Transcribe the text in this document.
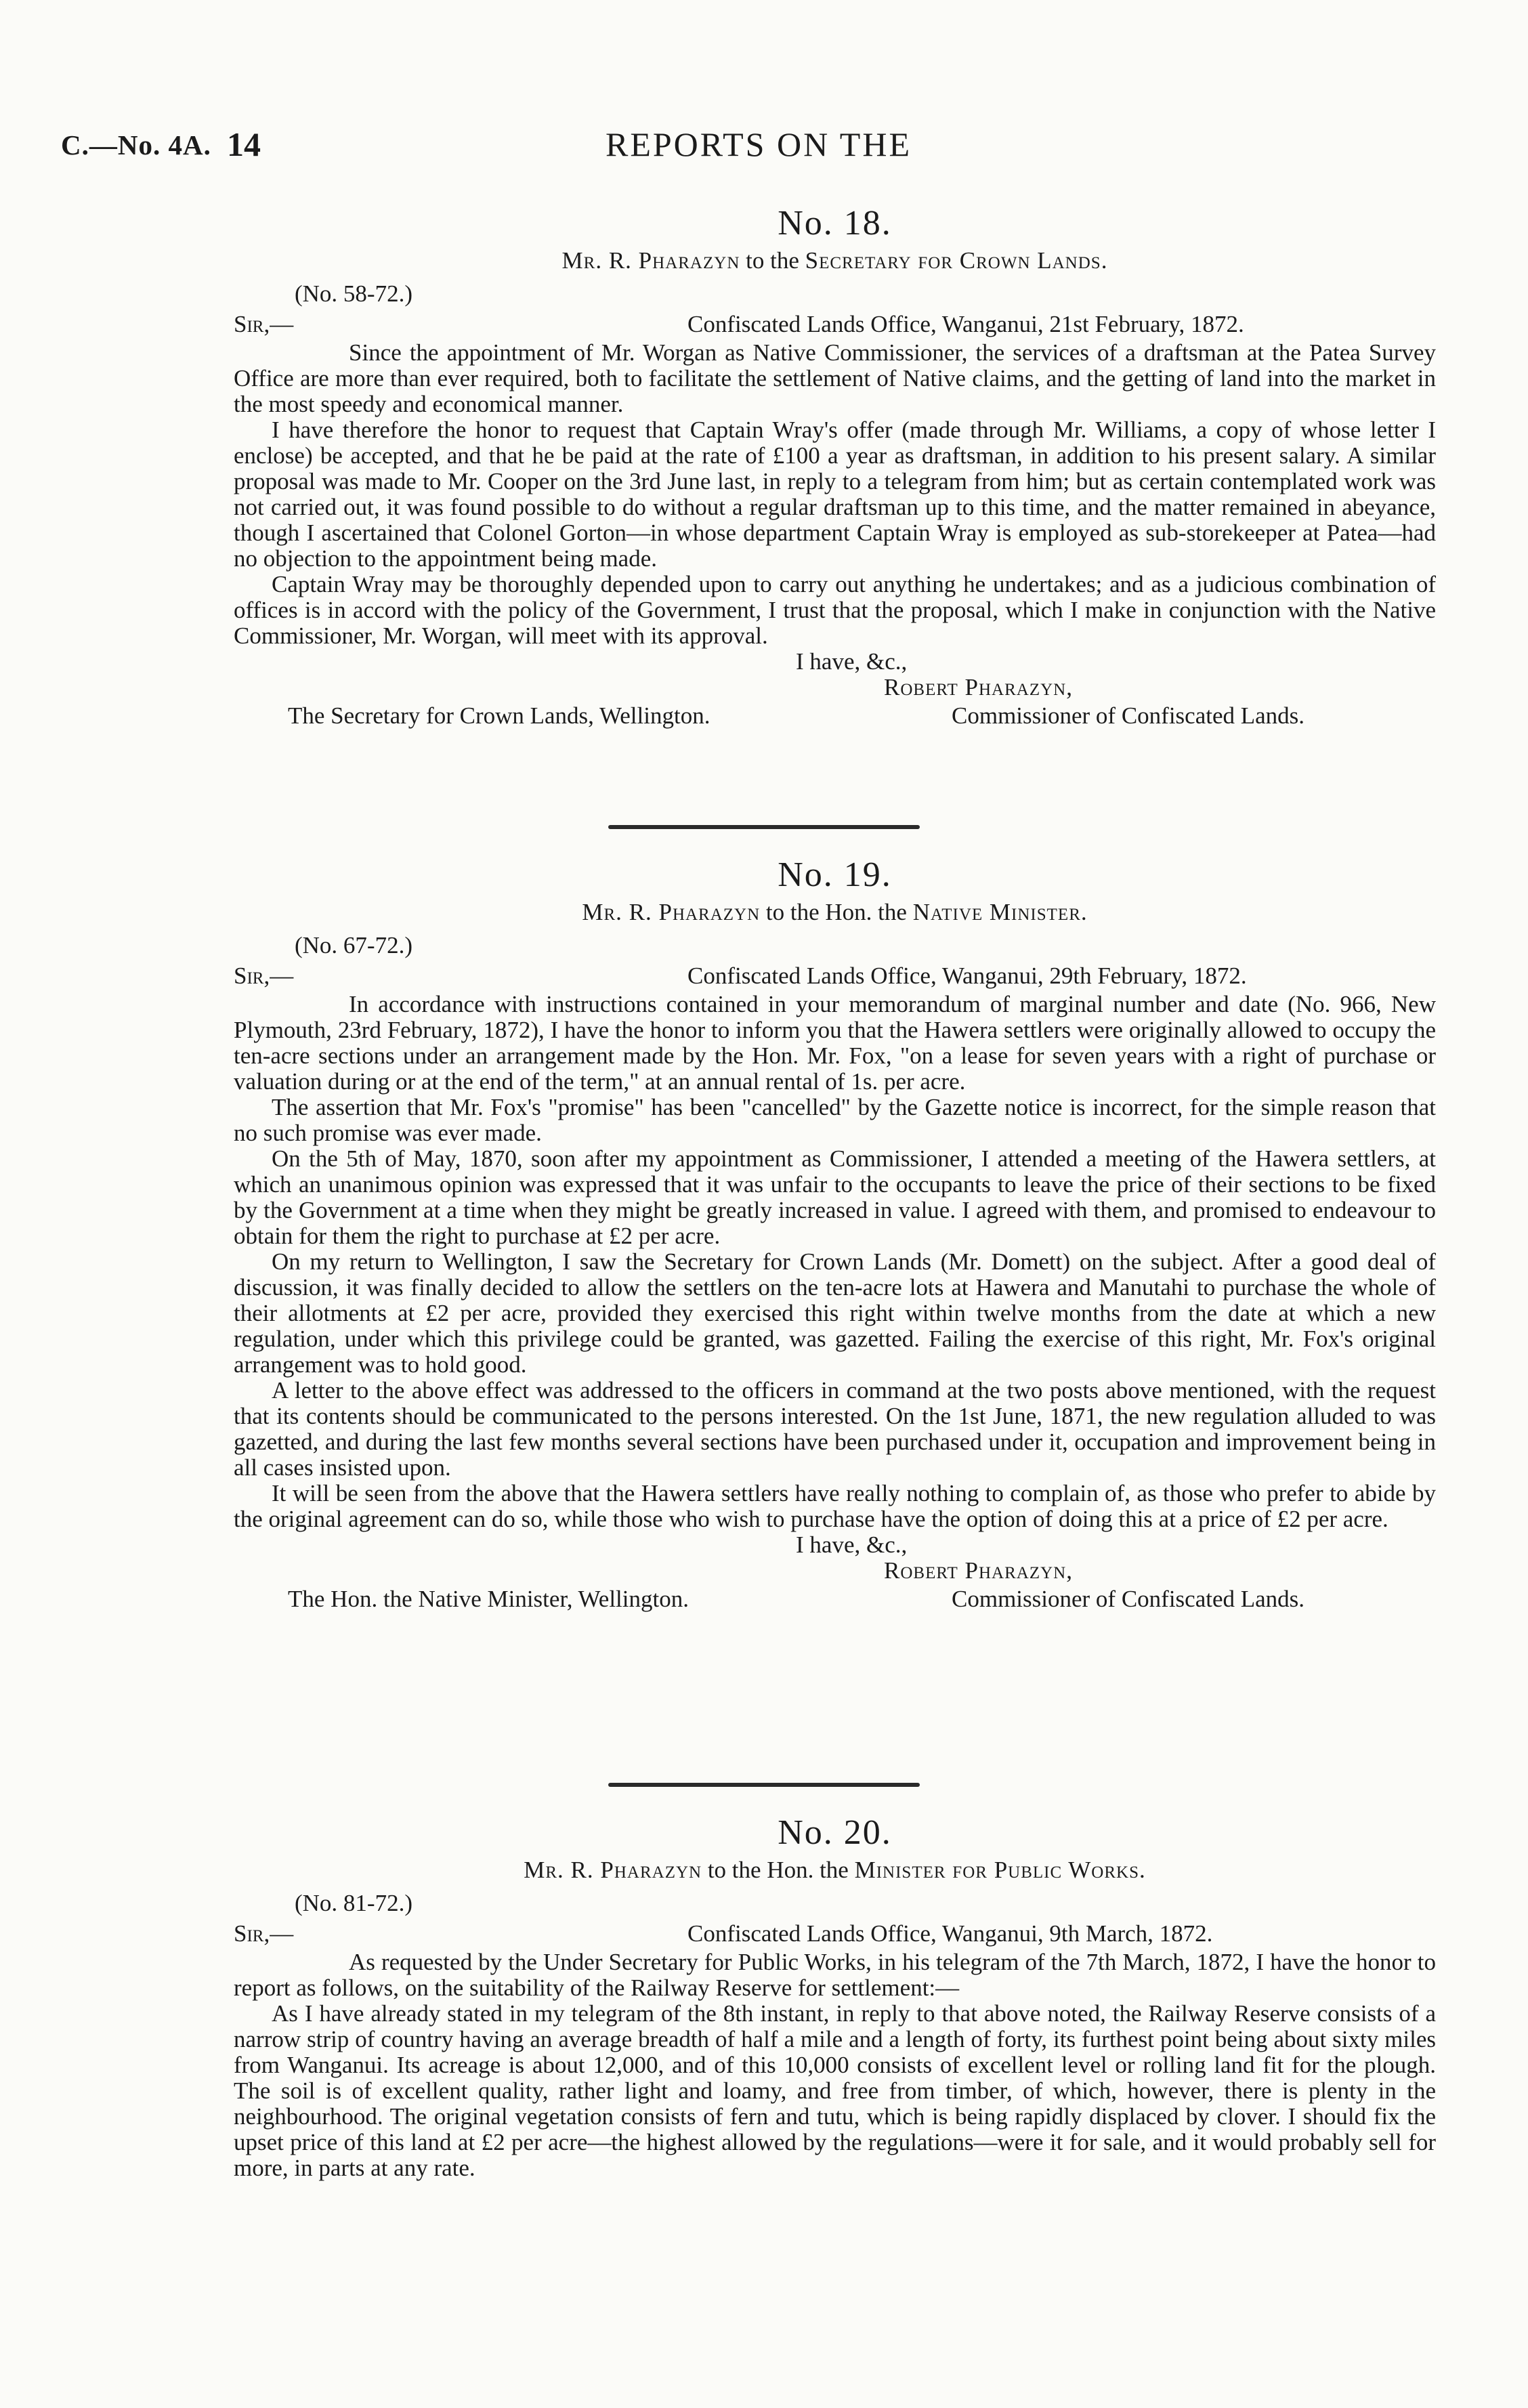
C.—No. 4A. 14	REPORTS ON THE
No. 18.
Mr. R. Pharazyn to the Secretary for Crown Lands.
(No. 58-72.)
Sir,—	Confiscated Lands Office, Wanganui, 21st February, 1872.

Since the appointment of Mr. Worgan as Native Commissioner, the services of a draftsman at the Patea Survey Office are more than ever required, both to facilitate the settlement of Native claims, and the getting of land into the market in the most speedy and economical manner.

I have therefore the honor to request that Captain Wray's offer (made through Mr. Williams, a copy of whose letter I enclose) be accepted, and that he be paid at the rate of £100 a year as draftsman, in addition to his present salary. A similar proposal was made to Mr. Cooper on the 3rd June last, in reply to a telegram from him; but as certain contemplated work was not carried out, it was found possible to do without a regular draftsman up to this time, and the matter remained in abeyance, though I ascertained that Colonel Gorton—in whose department Captain Wray is employed as sub-storekeeper at Patea—had no objection to the appointment being made.

Captain Wray may be thoroughly depended upon to carry out anything he undertakes; and as a judicious combination of offices is in accord with the policy of the Government, I trust that the proposal, which I make in conjunction with the Native Commissioner, Mr. Worgan, will meet with its approval.

I have, &c.,
Robert Pharazyn,
The Secretary for Crown Lands, Wellington.	Commissioner of Confiscated Lands.
No. 19.
Mr. R. Pharazyn to the Hon. the Native Minister.
(No. 67-72.)
Sir,—	Confiscated Lands Office, Wanganui, 29th February, 1872.

In accordance with instructions contained in your memorandum of marginal number and date (No. 966, New Plymouth, 23rd February, 1872), I have the honor to inform you that the Hawera settlers were originally allowed to occupy the ten-acre sections under an arrangement made by the Hon. Mr. Fox, "on a lease for seven years with a right of purchase or valuation during or at the end of the term," at an annual rental of 1s. per acre.

The assertion that Mr. Fox's "promise" has been "cancelled" by the Gazette notice is incorrect, for the simple reason that no such promise was ever made.

On the 5th of May, 1870, soon after my appointment as Commissioner, I attended a meeting of the Hawera settlers, at which an unanimous opinion was expressed that it was unfair to the occupants to leave the price of their sections to be fixed by the Government at a time when they might be greatly increased in value. I agreed with them, and promised to endeavour to obtain for them the right to purchase at £2 per acre.

On my return to Wellington, I saw the Secretary for Crown Lands (Mr. Domett) on the subject. After a good deal of discussion, it was finally decided to allow the settlers on the ten-acre lots at Hawera and Manutahi to purchase the whole of their allotments at £2 per acre, provided they exercised this right within twelve months from the date at which a new regulation, under which this privilege could be granted, was gazetted. Failing the exercise of this right, Mr. Fox's original arrangement was to hold good.

A letter to the above effect was addressed to the officers in command at the two posts above mentioned, with the request that its contents should be communicated to the persons interested. On the 1st June, 1871, the new regulation alluded to was gazetted, and during the last few months several sections have been purchased under it, occupation and improvement being in all cases insisted upon.

It will be seen from the above that the Hawera settlers have really nothing to complain of, as those who prefer to abide by the original agreement can do so, while those who wish to purchase have the option of doing this at a price of £2 per acre.

I have, &c.,
Robert Pharazyn,
The Hon. the Native Minister, Wellington.	Commissioner of Confiscated Lands.
No. 20.
Mr. R. Pharazyn to the Hon. the Minister for Public Works.
(No. 81-72.)
Sir,—	Confiscated Lands Office, Wanganui, 9th March, 1872.

As requested by the Under Secretary for Public Works, in his telegram of the 7th March, 1872, I have the honor to report as follows, on the suitability of the Railway Reserve for settlement:—

As I have already stated in my telegram of the 8th instant, in reply to that above noted, the Railway Reserve consists of a narrow strip of country having an average breadth of half a mile and a length of forty, its furthest point being about sixty miles from Wanganui. Its acreage is about 12,000, and of this 10,000 consists of excellent level or rolling land fit for the plough. The soil is of excellent quality, rather light and loamy, and free from timber, of which, however, there is plenty in the neighbourhood. The original vegetation consists of fern and tutu, which is being rapidly displaced by clover. I should fix the upset price of this land at £2 per acre—the highest allowed by the regulations—were it for sale, and it would probably sell for more, in parts at any rate.
